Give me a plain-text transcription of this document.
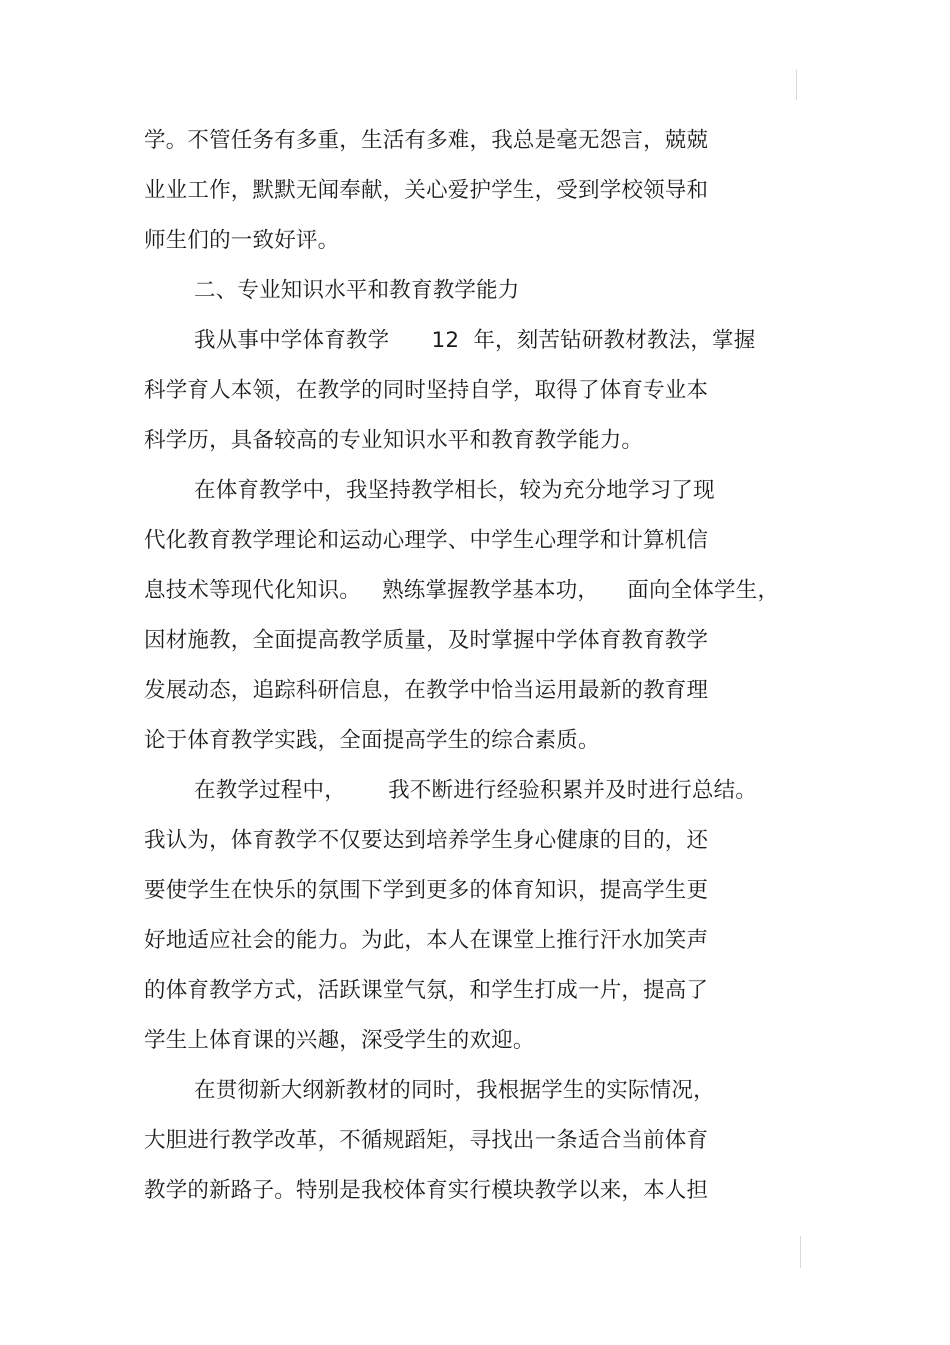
学。不管任务有多重，生活有多难，我总是毫无怨言，兢兢
业业工作，默默无闻奉献，关心爱护学生，受到学校领导和
师生们的一致好评。
二、专业知识水平和教育教学能力
我从事中学体育教学      12  年，刻苦钻研教材教法，掌握
科学育人本领，在教学的同时坚持自学，取得了体育专业本
科学历，具备较高的专业知识水平和教育教学能力。
在体育教学中，我坚持教学相长，较为充分地学习了现
代化教育教学理论和运动心理学、中学生心理学和计算机信
息技术等现代化知识。   熟练掌握教学基本功，    面向全体学生，
因材施教，全面提高教学质量，及时掌握中学体育教育教学
发展动态，追踪科研信息，在教学中恰当运用最新的教育理
论于体育教学实践，全面提高学生的综合素质。
在教学过程中，      我不断进行经验积累并及时进行总结。
我认为，体育教学不仅要达到培养学生身心健康的目的，还
要使学生在快乐的氛围下学到更多的体育知识，提高学生更
好地适应社会的能力。为此，本人在课堂上推行汗水加笑声
的体育教学方式，活跃课堂气氛，和学生打成一片，提高了
学生上体育课的兴趣，深受学生的欢迎。
在贯彻新大纲新教材的同时，我根据学生的实际情况，
大胆进行教学改革，不循规蹈矩，寻找出一条适合当前体育
教学的新路子。特别是我校体育实行模块教学以来，本人担
